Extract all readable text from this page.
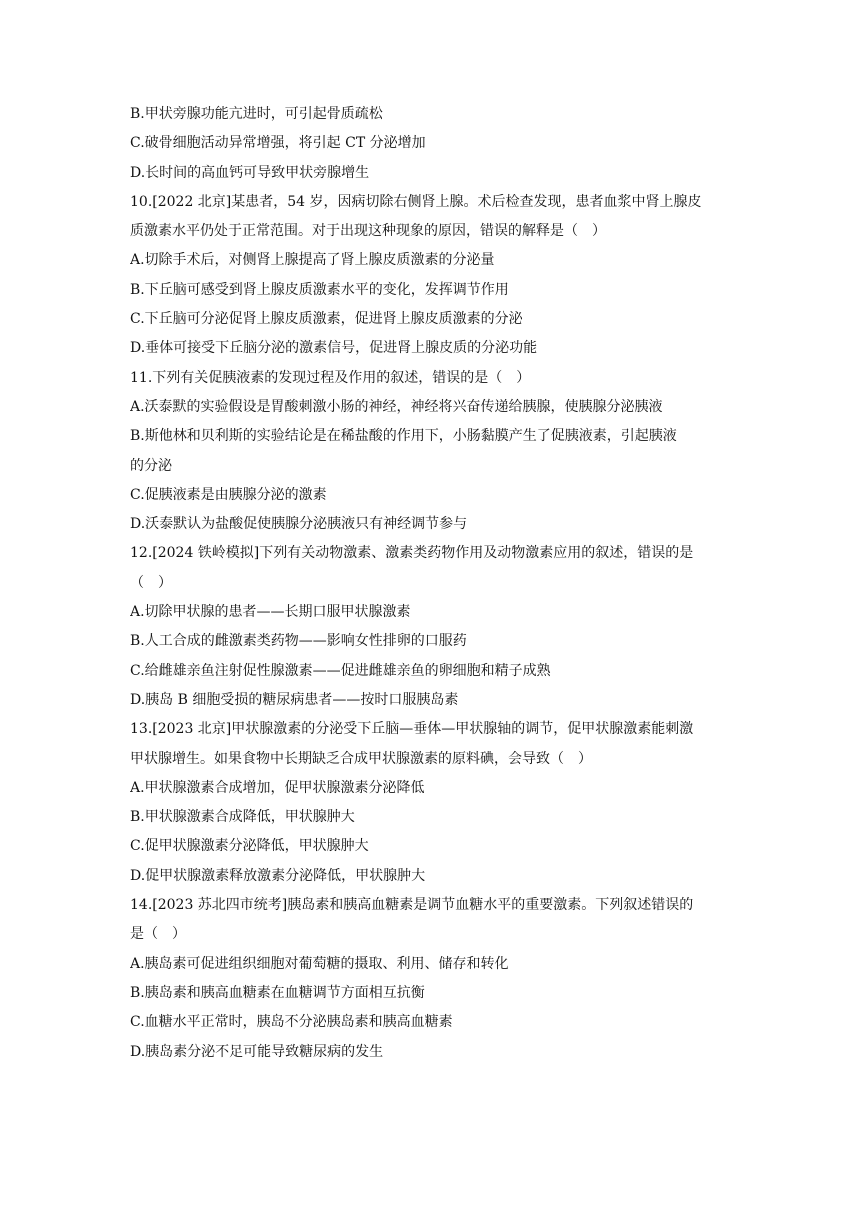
B.甲状旁腺功能亢进时，可引起骨质疏松
C.破骨细胞活动异常增强，将引起 CT 分泌增加
D.长时间的高血钙可导致甲状旁腺增生
10.[2022 北京]某患者，54 岁，因病切除右侧肾上腺。术后检查发现，患者血浆中肾上腺皮
质激素水平仍处于正常范围。对于出现这种现象的原因，错误的解释是（　）
A.切除手术后，对侧肾上腺提高了肾上腺皮质激素的分泌量
B.下丘脑可感受到肾上腺皮质激素水平的变化，发挥调节作用
C.下丘脑可分泌促肾上腺皮质激素，促进肾上腺皮质激素的分泌
D.垂体可接受下丘脑分泌的激素信号，促进肾上腺皮质的分泌功能
11.下列有关促胰液素的发现过程及作用的叙述，错误的是（　）
A.沃泰默的实验假设是胃酸刺激小肠的神经，神经将兴奋传递给胰腺，使胰腺分泌胰液
B.斯他林和贝利斯的实验结论是在稀盐酸的作用下，小肠黏膜产生了促胰液素，引起胰液
的分泌
C.促胰液素是由胰腺分泌的激素
D.沃泰默认为盐酸促使胰腺分泌胰液只有神经调节参与
12.[2024 铁岭模拟]下列有关动物激素、激素类药物作用及动物激素应用的叙述，错误的是
（　）
A.切除甲状腺的患者——长期口服甲状腺激素
B.人工合成的雌激素类药物——影响女性排卵的口服药
C.给雌雄亲鱼注射促性腺激素——促进雌雄亲鱼的卵细胞和精子成熟
D.胰岛 B 细胞受损的糖尿病患者——按时口服胰岛素
13.[2023 北京]甲状腺激素的分泌受下丘脑—垂体—甲状腺轴的调节，促甲状腺激素能刺激
甲状腺增生。如果食物中长期缺乏合成甲状腺激素的原料碘，会导致（　）
A.甲状腺激素合成增加，促甲状腺激素分泌降低
B.甲状腺激素合成降低，甲状腺肿大
C.促甲状腺激素分泌降低，甲状腺肿大
D.促甲状腺激素释放激素分泌降低，甲状腺肿大
14.[2023 苏北四市统考]胰岛素和胰高血糖素是调节血糖水平的重要激素。下列叙述错误的
是（　）
A.胰岛素可促进组织细胞对葡萄糖的摄取、利用、储存和转化
B.胰岛素和胰高血糖素在血糖调节方面相互抗衡
C.血糖水平正常时，胰岛不分泌胰岛素和胰高血糖素
D.胰岛素分泌不足可能导致糖尿病的发生
